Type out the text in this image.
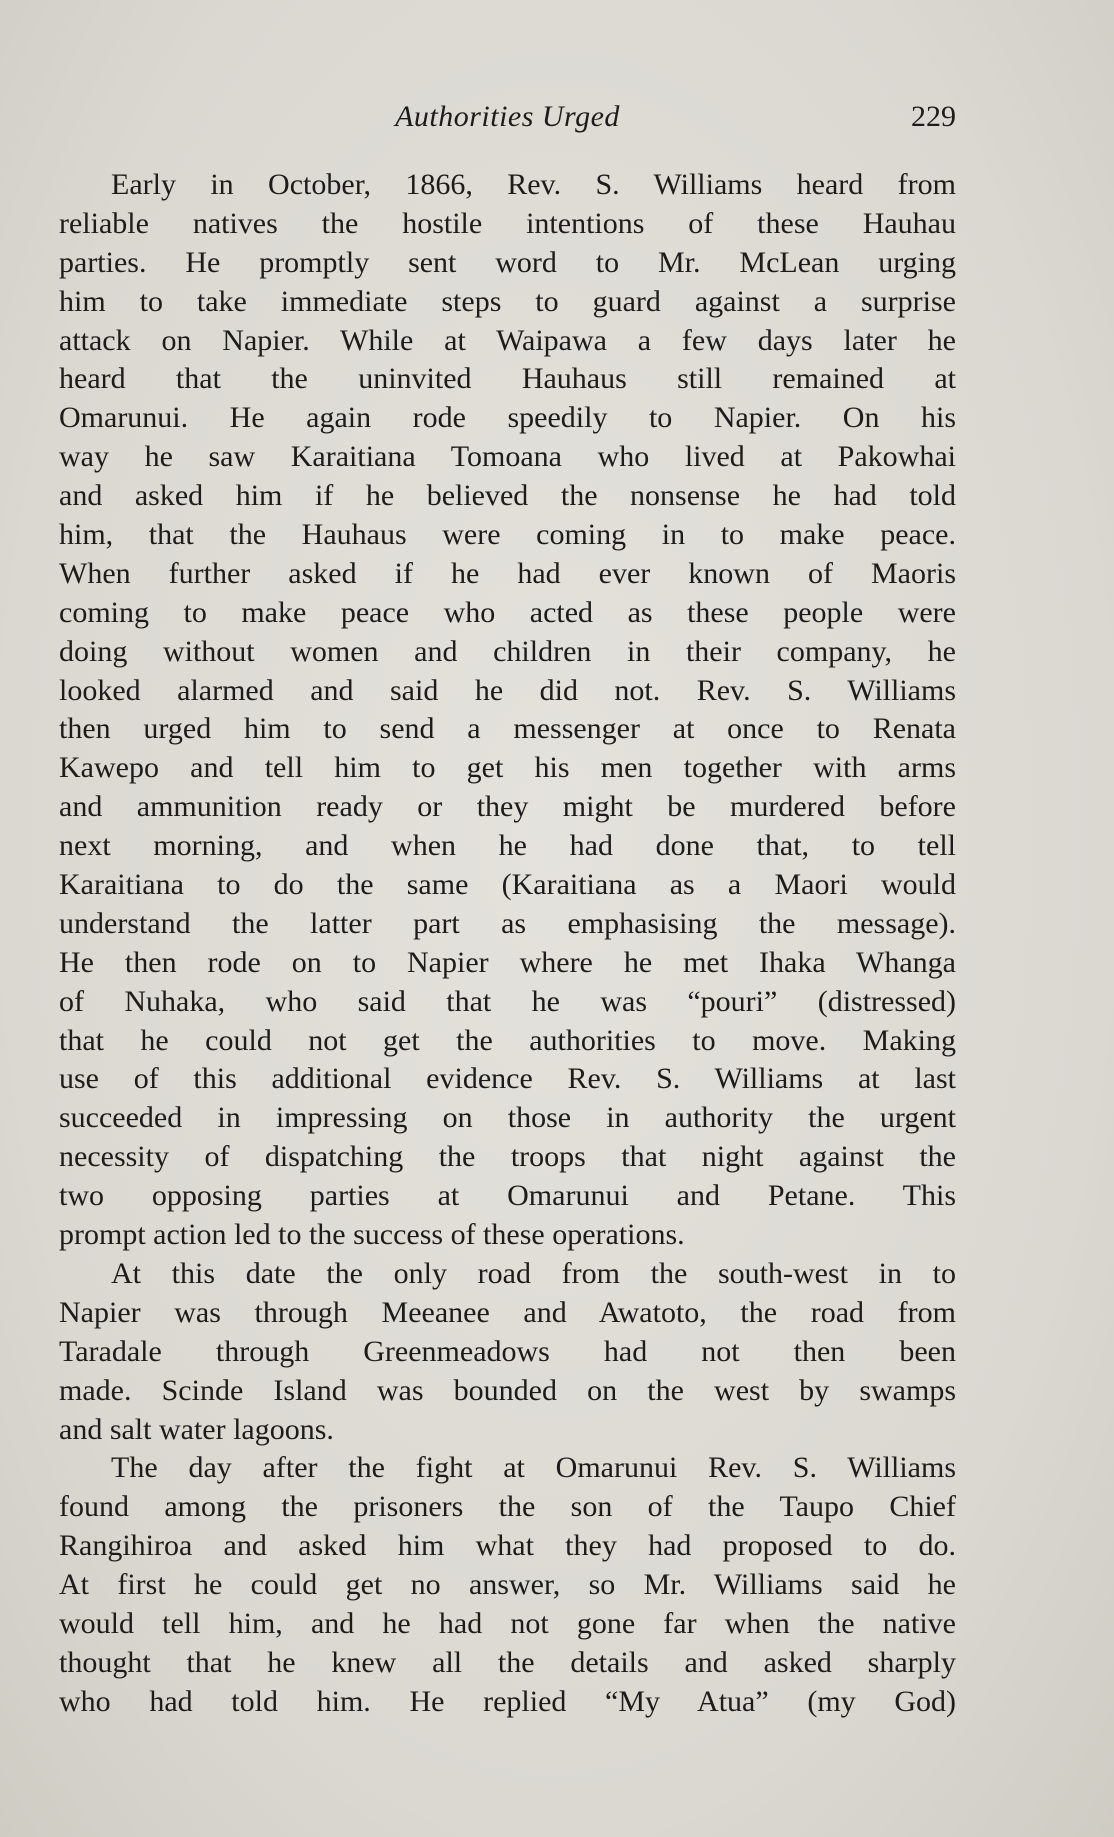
Authorities Urged	229
Early in October, 1866, Rev. S. Williams heard from
reliable natives the hostile intentions of these Hauhau
parties. He promptly sent word to Mr. McLean urging
him to take immediate steps to guard against a surprise
attack on Napier. While at Waipawa a few days later he
heard that the uninvited Hauhaus still remained at
Omarunui. He again rode speedily to Napier. On his
way he saw Karaitiana Tomoana who lived at Pakowhai
and asked him if he believed the nonsense he had told
him, that the Hauhaus were coming in to make peace.
When further asked if he had ever known of Maoris
coming to make peace who acted as these people were
doing without women and children in their company, he
looked alarmed and said he did not. Rev. S. Williams
then urged him to send a messenger at once to Renata
Kawepo and tell him to get his men together with arms
and ammunition ready or they might be murdered before
next morning, and when he had done that, to tell
Karaitiana to do the same (Karaitiana as a Maori would
understand the latter part as emphasising the message).
He then rode on to Napier where he met Ihaka Whanga
of Nuhaka, who said that he was “pouri” (distressed)
that he could not get the authorities to move. Making
use of this additional evidence Rev. S. Williams at last
succeeded in impressing on those in authority the urgent
necessity of dispatching the troops that night against the
two opposing parties at Omarunui and Petane. This
prompt action led to the success of these operations.
At this date the only road from the south-west in to
Napier was through Meeanee and Awatoto, the road from
Taradale through Greenmeadows had not then been
made. Scinde Island was bounded on the west by swamps
and salt water lagoons.
The day after the fight at Omarunui Rev. S. Williams
found among the prisoners the son of the Taupo Chief
Rangihiroa and asked him what they had proposed to do.
At first he could get no answer, so Mr. Williams said he
would tell him, and he had not gone far when the native
thought that he knew all the details and asked sharply
who had told him. He replied “My Atua” (my God)
